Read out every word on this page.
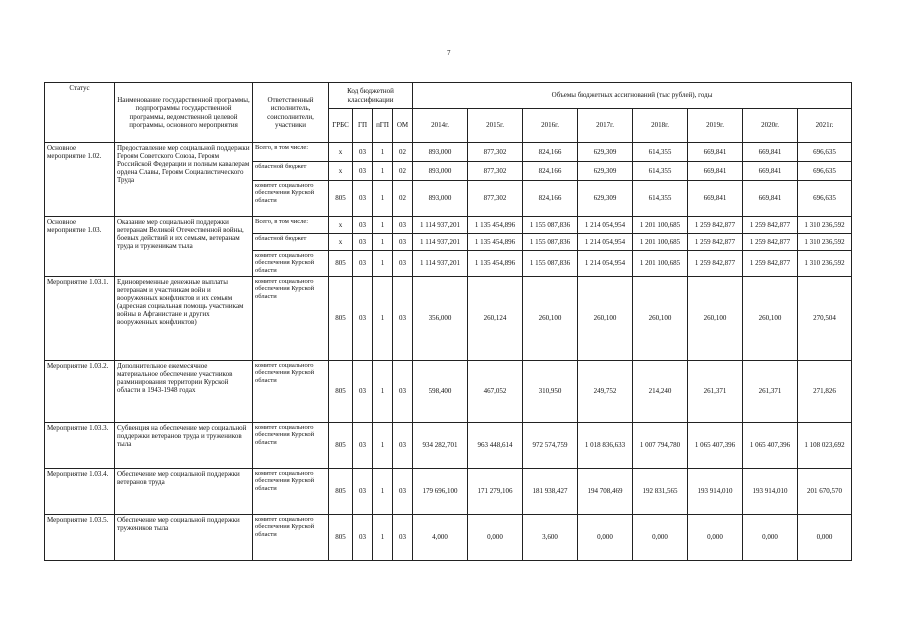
7
Статус	Наименование государственной программы, подпрограммы государственной программы, ведомственной целевой программы, основного мероприятия	Ответственный исполнитель, соисполнители, участники	Код бюджетной классификации				Объемы бюджетных ассигнований (тыс рублей), годы							
			ГРБС	ГП	пГП	ОМ	2014г.	2015г.	2016г.	2017г.	2018г.	2019г.	2020г.	2021г.
Основное мероприятие 1.02.	Предоставление мер социальной поддержки Героям Советского Союза, Героям Российской Федерации и полным кавалерам ордена Славы, Героям Социалистического Труда	Всего, в том числе:	x	03	1	02	893,000	877,302	824,166	629,309	614,355	669,841	669,841	696,635
		областной бюджет	x	03	1	02	893,000	877,302	824,166	629,309	614,355	669,841	669,841	696,635
		комитет социального обеспечения Курской области	805	03	1	02	893,000	877,302	824,166	629,309	614,355	669,841	669,841	696,635
Основное мероприятие 1.03.	Оказание мер социальной поддержки ветеранам Великой Отечественной войны, боевых действий и их семьям, ветеранам труда и труженикам тыла	Всего, в том числе:	x	03	1	03	1 114 937,201	1 135 454,896	1 155 087,836	1 214 054,954	1 201 100,685	1 259 842,877	1 259 842,877	1 310 236,592
		областной бюджет	x	03	1	03	1 114 937,201	1 135 454,896	1 155 087,836	1 214 054,954	1 201 100,685	1 259 842,877	1 259 842,877	1 310 236,592
		комитет социального обеспечения Курской области	805	03	1	03	1 114 937,201	1 135 454,896	1 155 087,836	1 214 054,954	1 201 100,685	1 259 842,877	1 259 842,877	1 310 236,592
Мероприятие 1.03.1.	Единовременные денежные выплаты ветеранам и участникам войн и вооруженных конфликтов и их семьям (адресная социальная помощь участникам войны в Афганистане и других вооруженных конфликтов)	комитет социального обеспечения Курской области	805	03	1	03	356,000	260,124	260,100	260,100	260,100	260,100	260,100	270,504
Мероприятие 1.03.2.	Дополнительное ежемесячное материальное обеспечение участников разминирования территории Курской области в 1943-1948 годах	комитет социального обеспечения Курской области	805	03	1	03	598,400	467,052	310,950	249,752	214,240	261,371	261,371	271,826
Мероприятие 1.03.3.	Субвенция на обеспечение мер социальной поддержки ветеранов труда и тружеников тыла	комитет социального обеспечения Курской области	805	03	1	03	934 282,701	963 448,614	972 574,759	1 018 836,633	1 007 794,780	1 065 407,396	1 065 407,396	1 108 023,692
Мероприятие 1.03.4.	Обеспечение мер социальной поддержки ветеранов труда	комитет социального обеспечения Курской области	805	03	1	03	179 696,100	171 279,106	181 938,427	194 708,469	192 831,565	193 914,010	193 914,010	201 670,570
Мероприятие 1.03.5.	Обеспечение мер социальной поддержки тружеников тыла	комитет социального обеспечения Курской области	805	03	1	03	4,000	0,000	3,600	0,000	0,000	0,000	0,000	0,000
